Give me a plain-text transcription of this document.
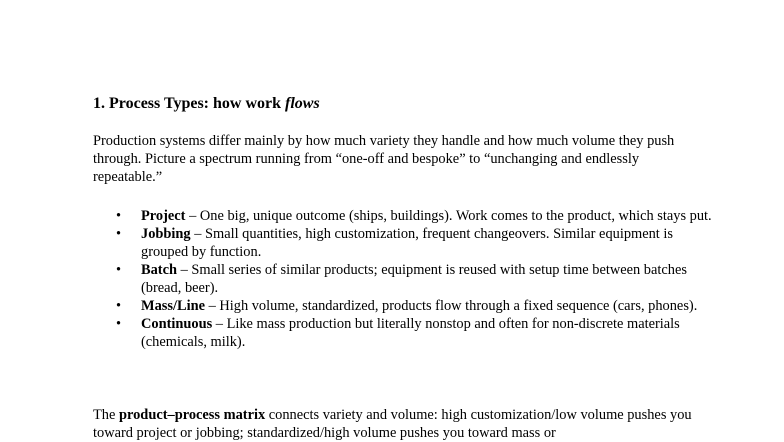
1. Process Types: how work flows

Production systems differ mainly by how much variety they handle and how much volume they push through. Picture a spectrum running from “one-off and bespoke” to “unchanging and endlessly repeatable.”

• Project – One big, unique outcome (ships, buildings). Work comes to the product, which stays put.
• Jobbing – Small quantities, high customization, frequent changeovers. Similar equipment is grouped by function.
• Batch – Small series of similar products; equipment is reused with setup time between batches (bread, beer).
• Mass/Line – High volume, standardized, products flow through a fixed sequence (cars, phones).
• Continuous – Like mass production but literally nonstop and often for non-discrete materials (chemicals, milk).

The product–process matrix connects variety and volume: high customization/low volume pushes you toward project or jobbing; standardized/high volume pushes you toward mass or
